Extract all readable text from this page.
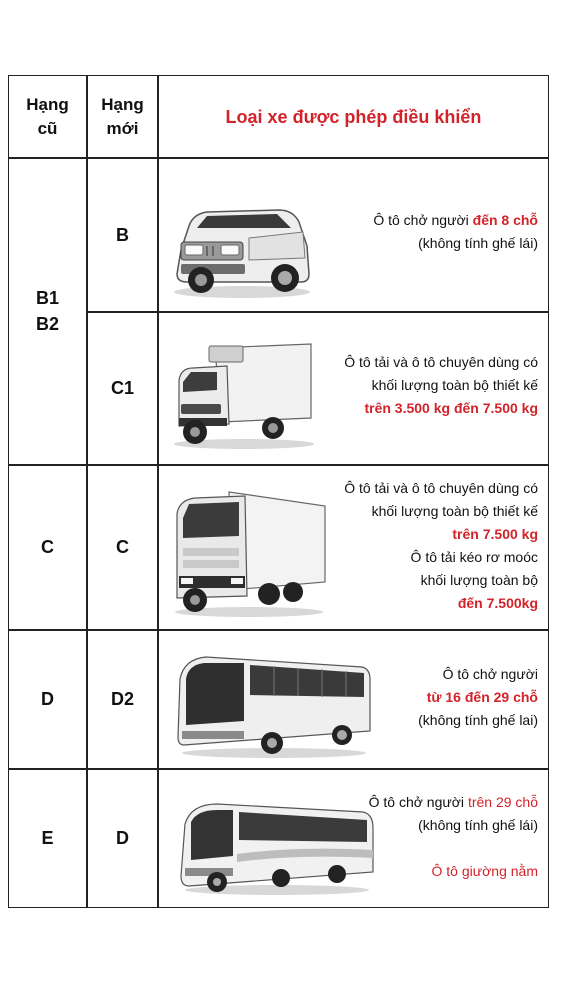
Hạng cũ
Hạng mới
Loại xe được phép điều khiển
B1
B2
C
D
E
B
C1
C
D2
D
Ô tô chở người đến 8 chỗ
(không tính ghế lái)
Ô tô tải và ô tô chuyên dùng có
khối lượng toàn bộ thiết kế
trên 3.500 kg đến 7.500 kg
Ô tô tải và ô tô chuyên dùng có
khối lượng toàn bộ thiết kế
trên 7.500 kg
Ô tô tải kéo rơ moóc
khối lượng toàn bộ
đến 7.500kg
Ô tô chở người
từ 16 đến 29 chỗ
(không tính ghế lai)
Ô tô chở người trên 29 chỗ
(không tính ghế lái)

Ô tô giường nằm
